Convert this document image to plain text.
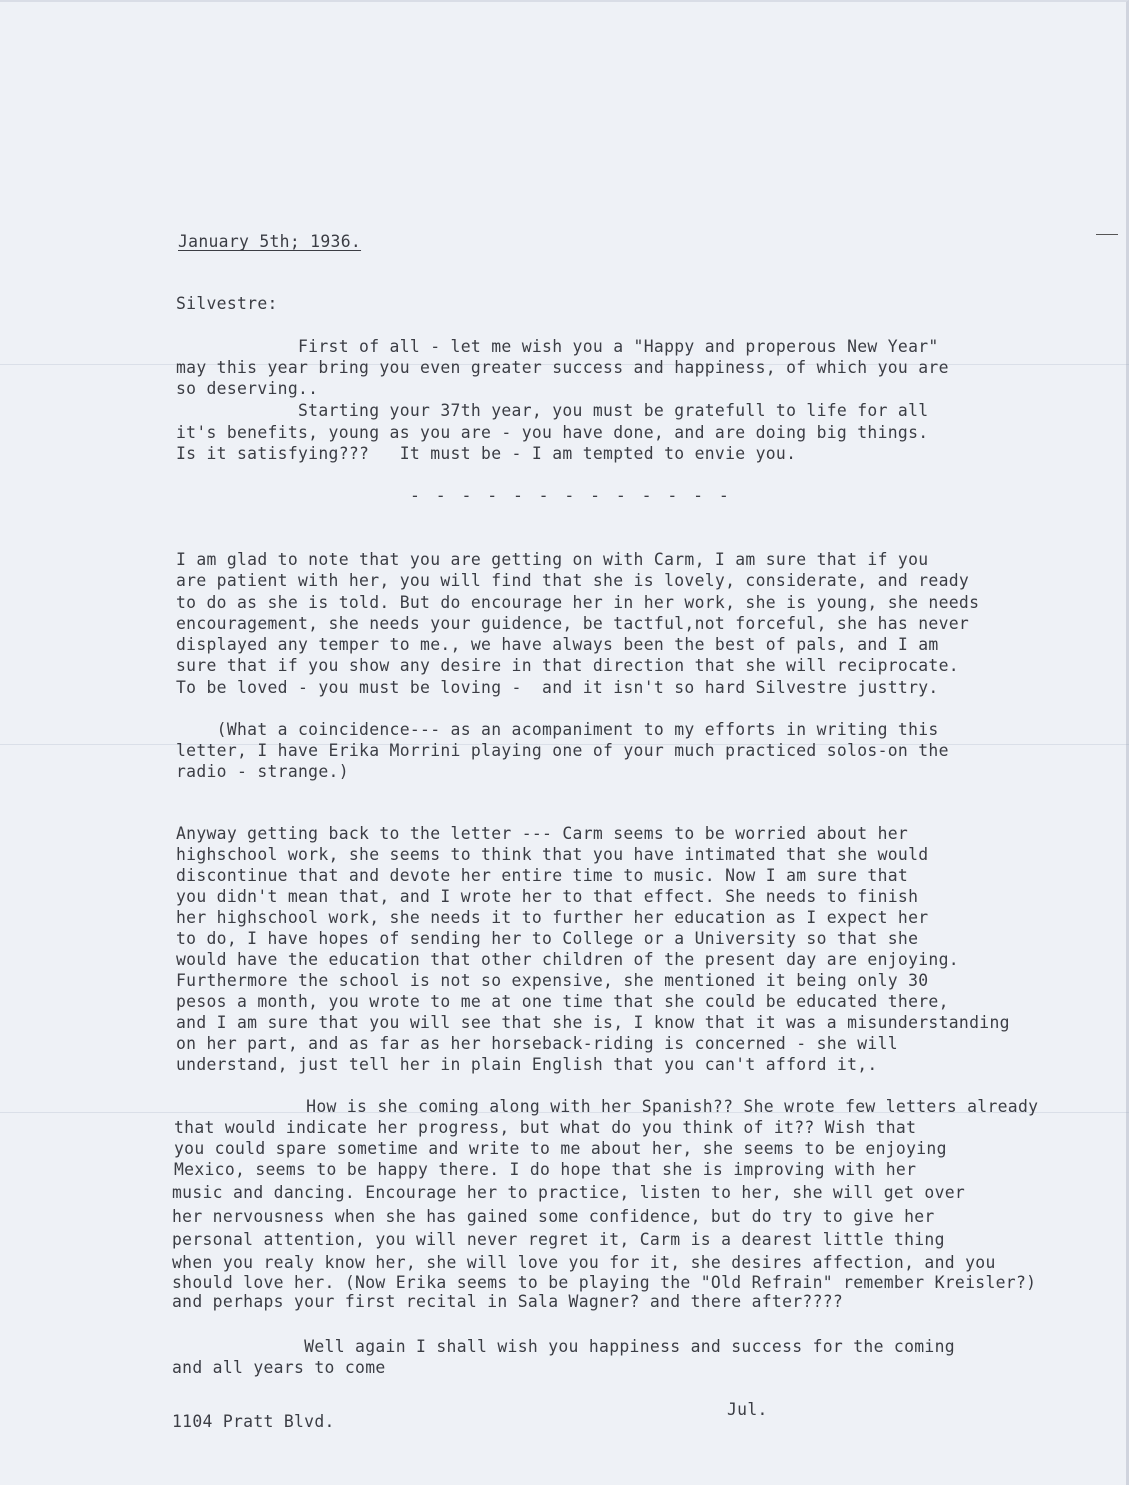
January 5th; 1936.
Silvestre:
First of all - let me wish you a "Happy and properous New Year"
may this year bring you even greater success and happiness, of which you are
so deserving..
Starting your 37th year, you must be gratefull to life for all
it's benefits, young as you are - you have done, and are doing big things.
Is it satisfying???   It must be - I am tempted to envie you.
- - - - - - - - - - - - -
I am glad to note that you are getting on with Carm, I am sure that if you
are patient with her, you will find that she is lovely, considerate, and ready
to do as she is told. But do encourage her in her work, she is young, she needs
encouragement, she needs your guidence, be tactful,not forceful, she has never
displayed any temper to me., we have always been the best of pals, and I am
sure that if you show any desire in that direction that she will reciprocate.
To be loved - you must be loving -  and it isn't so hard Silvestre justtry.
(What a coincidence--- as an acompaniment to my efforts in writing this
letter, I have Erika Morrini playing one of your much practiced solos-on the
radio - strange.)
Anyway getting back to the letter --- Carm seems to be worried about her
highschool work, she seems to think that you have intimated that she would
discontinue that and devote her entire time to music. Now I am sure that
you didn't mean that, and I wrote her to that effect. She needs to finish
her highschool work, she needs it to further her education as I expect her
to do, I have hopes of sending her to College or a University so that she
would have the education that other children of the present day are enjoying.
Furthermore the school is not so expensive, she mentioned it being only 30
pesos a month, you wrote to me at one time that she could be educated there,
and I am sure that you will see that she is, I know that it was a misunderstanding
on her part, and as far as her horseback-riding is concerned - she will
understand, just tell her in plain English that you can't afford it,.
How is she coming along with her Spanish?? She wrote few letters already
that would indicate her progress, but what do you think of it?? Wish that
you could spare sometime and write to me about her, she seems to be enjoying
Mexico, seems to be happy there. I do hope that she is improving with her
music and dancing. Encourage her to practice, listen to her, she will get over
her nervousness when she has gained some confidence, but do try to give her
personal attention, you will never regret it, Carm is a dearest little thing
when you realy know her, she will love you for it, she desires affection, and you
should love her. (Now Erika seems to be playing the "Old Refrain" remember Kreisler?)
and perhaps your first recital in Sala Wagner? and there after????
Well again I shall wish you happiness and success for the coming
and all years to come
Jul.
1104 Pratt Blvd.
